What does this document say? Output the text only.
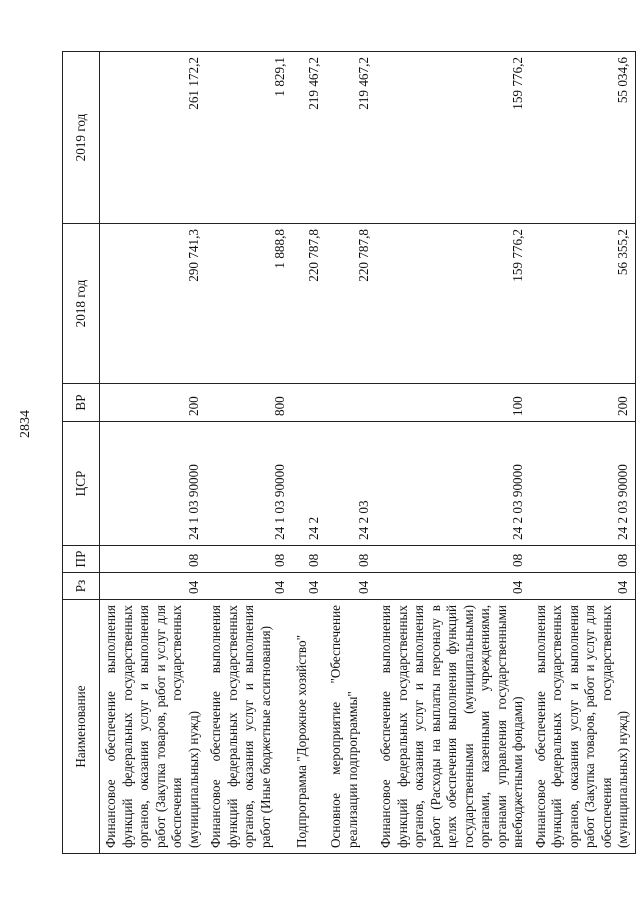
2834
Наименование	Рз	ПР	ЦСР	ВР	2018 год	2019 год
Финансовое обеспечение выполнения функций федеральных государственных органов, оказания услуг и выполнения работ (Закупка товаров, работ и услуг для обеспечения государственных (муниципальных) нужд)	04	08	24 1 03 90000	200	290 741,3	261 172,2
Финансовое обеспечение выполнения функций федеральных государственных органов, оказания услуг и выполнения работ (Иные бюджетные ассигнования)	04	08	24 1 03 90000	800	1 888,8	1 829,1
Подпрограмма "Дорожное хозяйство"	04	08	24 2		220 787,8	219 467,2
Основное мероприятие "Обеспечение реализации подпрограммы"	04	08	24 2 03		220 787,8	219 467,2
Финансовое обеспечение выполнения функций федеральных государственных органов, оказания услуг и выполнения работ (Расходы на выплаты персоналу в целях обеспечения выполнения функций государственными (муниципальными) органами, казенными учреждениями, органами управления государственными внебюджетными фондами)	04	08	24 2 03 90000	100	159 776,2	159 776,2
Финансовое обеспечение выполнения функций федеральных государственных органов, оказания услуг и выполнения работ (Закупка товаров, работ и услуг для обеспечения государственных (муниципальных) нужд)	04	08	24 2 03 90000	200	56 355,2	55 034,6
